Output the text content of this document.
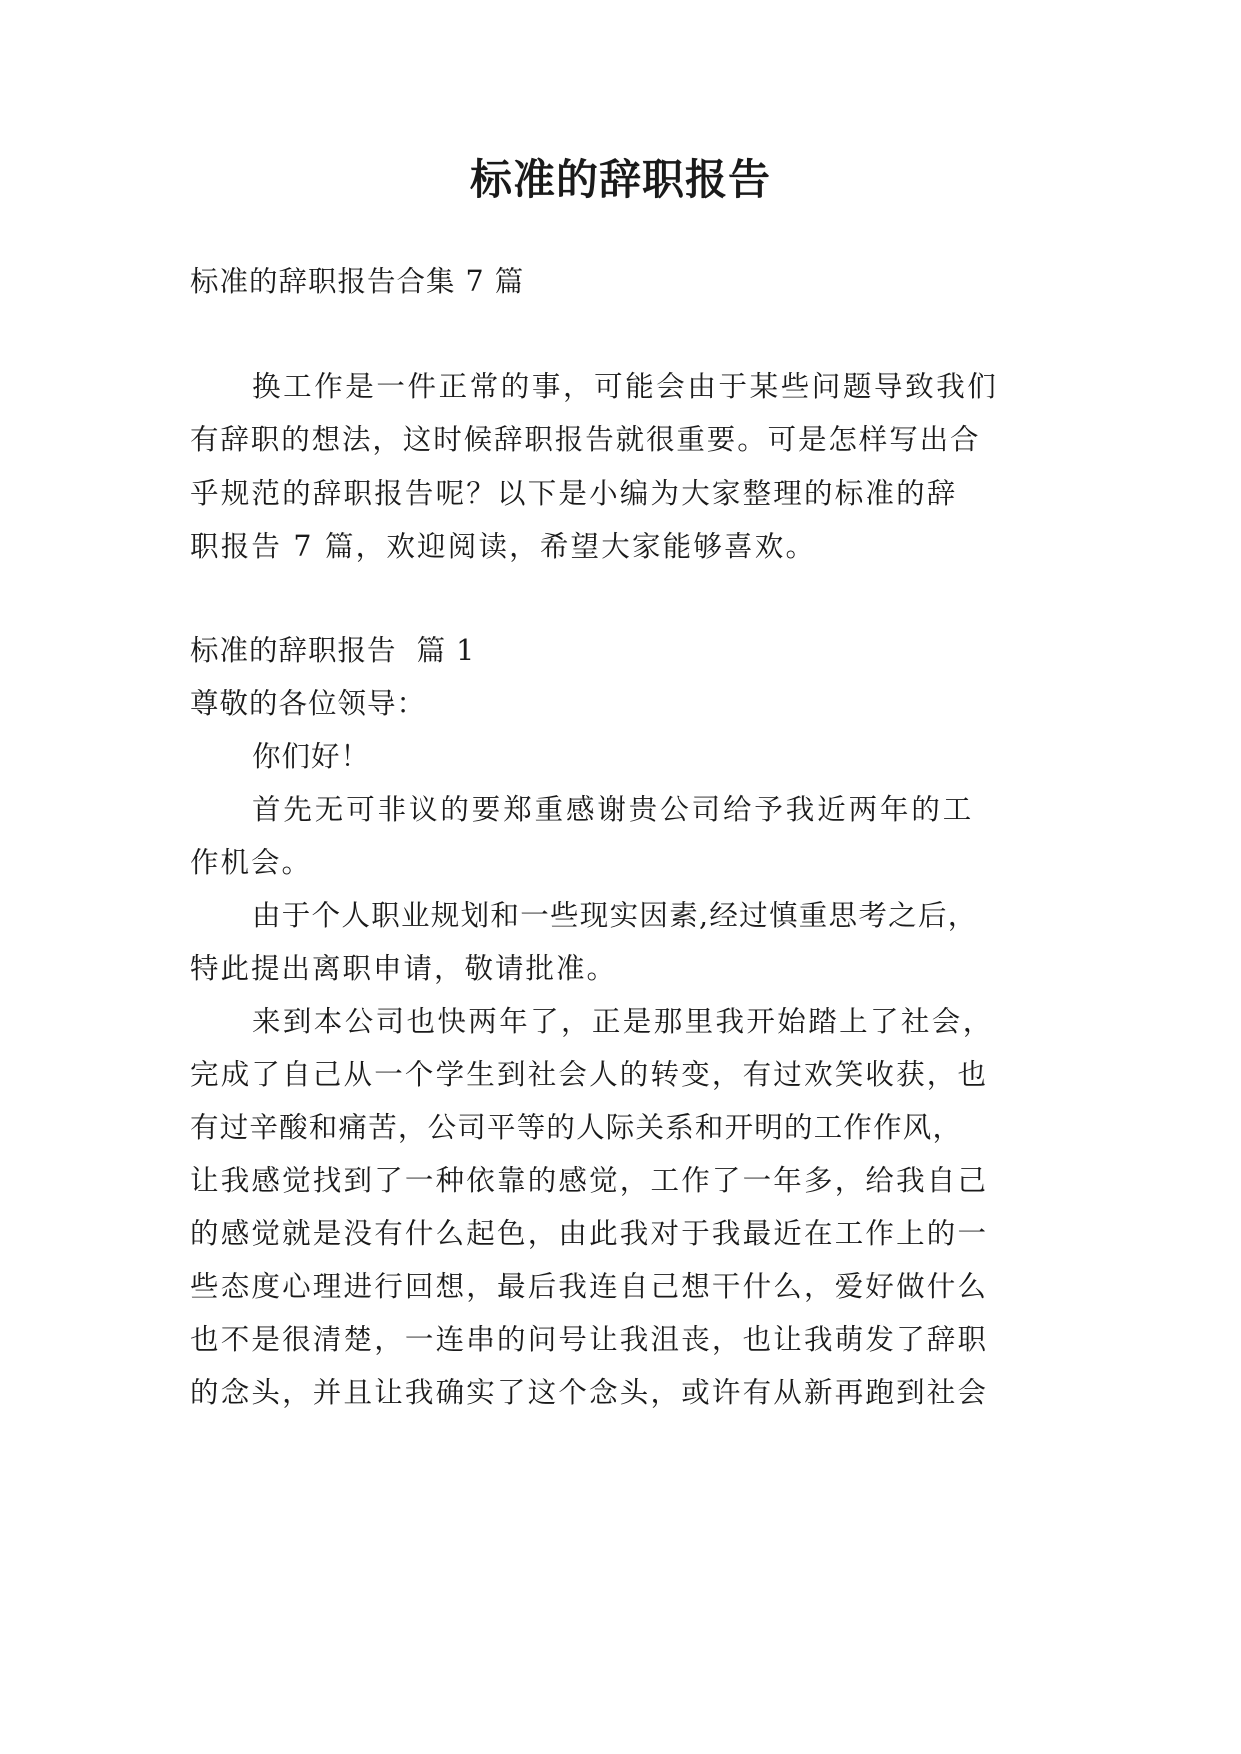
标准的辞职报告

标准的辞职报告合集 7 篇

换工作是一件正常的事，可能会由于某些问题导致我们

有辞职的想法，这时候辞职报告就很重要。可是怎样写出合

乎规范的辞职报告呢？以下是小编为大家整理的标准的辞

职报告 7 篇，欢迎阅读，希望大家能够喜欢。

标准的辞职报告  篇 1

尊敬的各位领导：

你们好！

首先无可非议的要郑重感谢贵公司给予我近两年的工

作机会。

由于个人职业规划和一些现实因素,经过慎重思考之后，

特此提出离职申请，敬请批准。

来到本公司也快两年了，正是那里我开始踏上了社会，

完成了自己从一个学生到社会人的转变，有过欢笑收获，也

有过辛酸和痛苦，公司平等的人际关系和开明的工作作风，

让我感觉找到了一种依靠的感觉，工作了一年多，给我自己

的感觉就是没有什么起色，由此我对于我最近在工作上的一

些态度心理进行回想，最后我连自己想干什么，爱好做什么

也不是很清楚，一连串的问号让我沮丧，也让我萌发了辞职

的念头，并且让我确实了这个念头，或许有从新再跑到社会
